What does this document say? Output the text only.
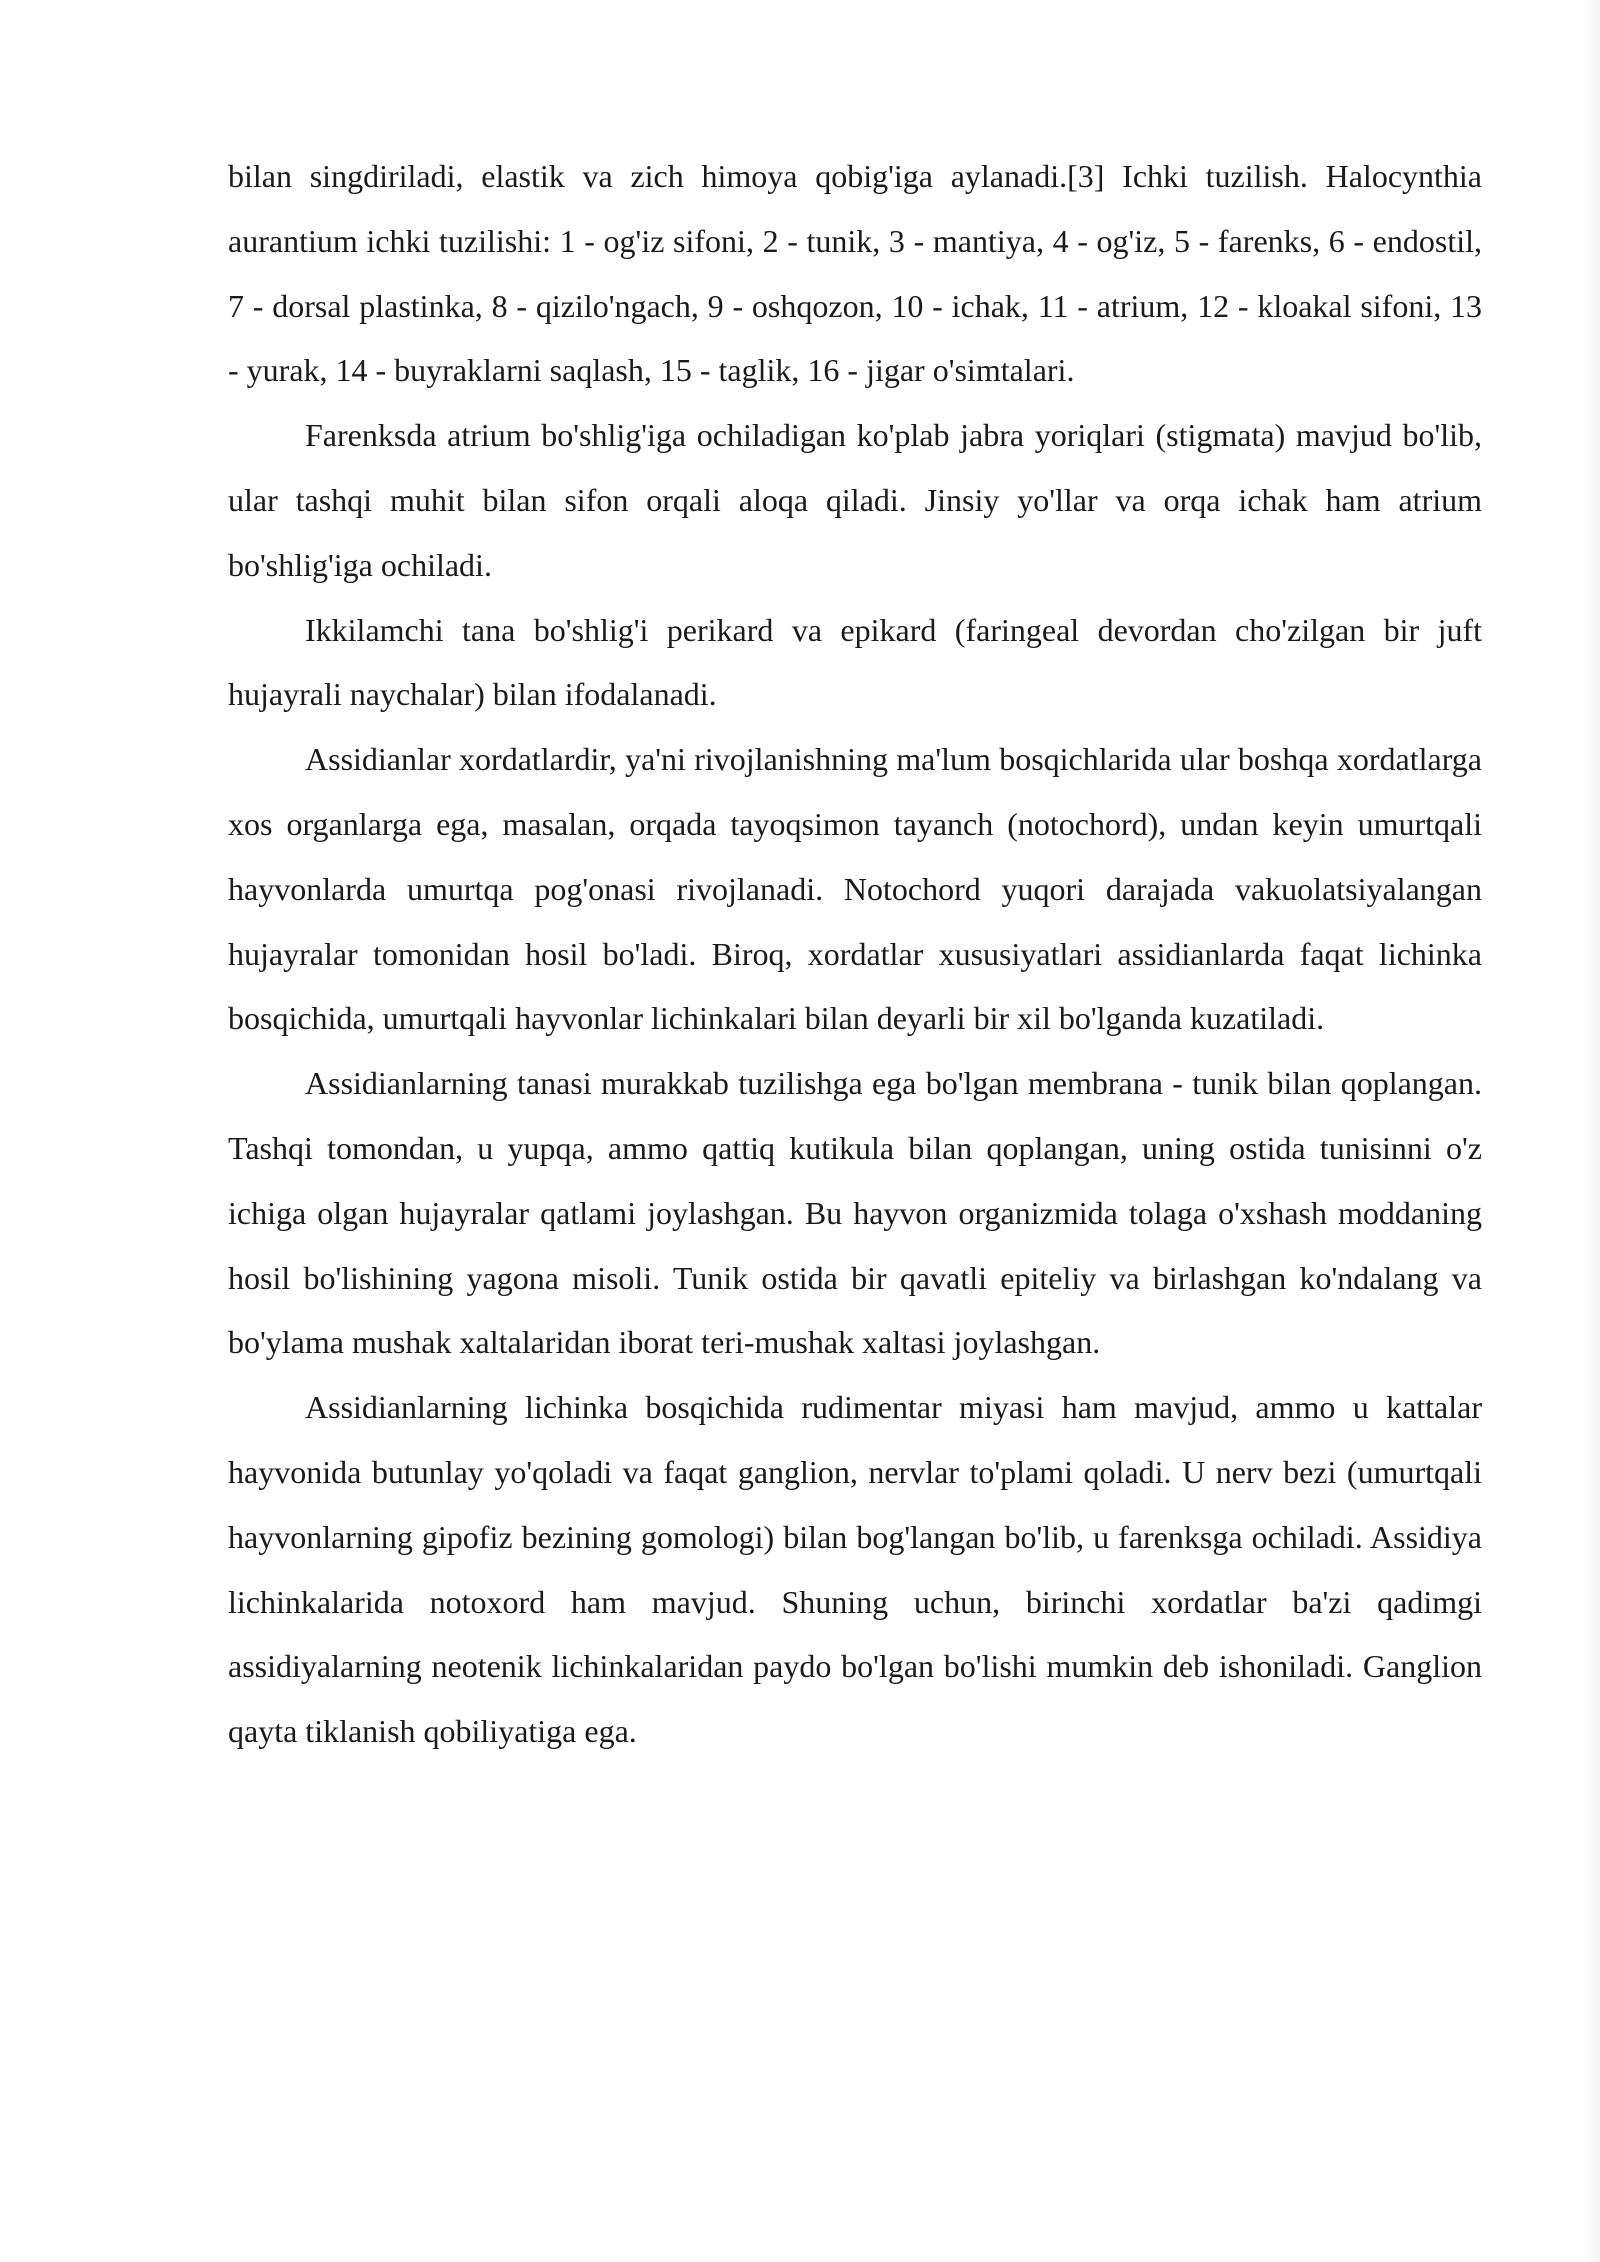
bilan singdiriladi, elastik va zich himoya qobig'iga aylanadi.[3] Ichki tuzilish. Halocynthia aurantium ichki tuzilishi: 1 - og'iz sifoni, 2 - tunik, 3 - mantiya, 4 - og'iz, 5 - farenks, 6 - endostil, 7 - dorsal plastinka, 8 - qizilo'ngach, 9 - oshqozon, 10 - ichak, 11 - atrium, 12 - kloakal sifoni, 13 - yurak, 14 - buyraklarni saqlash, 15 - taglik, 16 - jigar o'simtalari.

Farenksda atrium bo'shlig'iga ochiladigan ko'plab jabra yoriqlari (stigmata) mavjud bo'lib, ular tashqi muhit bilan sifon orqali aloqa qiladi. Jinsiy yo'llar va orqa ichak ham atrium bo'shlig'iga ochiladi.

Ikkilamchi tana bo'shlig'i perikard va epikard (faringeal devordan cho'zilgan bir juft hujayrali naychalar) bilan ifodalanadi.

Assidianlar xordatlardir, ya'ni rivojlanishning ma'lum bosqichlarida ular boshqa xordatlarga xos organlarga ega, masalan, orqada tayoqsimon tayanch (notochord), undan keyin umurtqali hayvonlarda umurtqa pog'onasi rivojlanadi. Notochord yuqori darajada vakuolatsiyalangan hujayralar tomonidan hosil bo'ladi. Biroq, xordatlar xususiyatlari assidianlarda faqat lichinka bosqichida, umurtqali hayvonlar lichinkalari bilan deyarli bir xil bo'lganda kuzatiladi.

Assidianlarning tanasi murakkab tuzilishga ega bo'lgan membrana - tunik bilan qoplangan. Tashqi tomondan, u yupqa, ammo qattiq kutikula bilan qoplangan, uning ostida tunisinni o'z ichiga olgan hujayralar qatlami joylashgan. Bu hayvon organizmida tolaga o'xshash moddaning hosil bo'lishining yagona misoli. Tunik ostida bir qavatli epiteliy va birlashgan ko'ndalang va bo'ylama mushak xaltalaridan iborat teri-mushak xaltasi joylashgan.

Assidianlarning lichinka bosqichida rudimentar miyasi ham mavjud, ammo u kattalar hayvonida butunlay yo'qoladi va faqat ganglion, nervlar to'plami qoladi. U nerv bezi (umurtqali hayvonlarning gipofiz bezining gomologi) bilan bog'langan bo'lib, u farenksga ochiladi. Assidiya lichinkalarida notoxord ham mavjud. Shuning uchun, birinchi xordatlar ba'zi qadimgi assidiyalarning neotenik lichinkalaridan paydo bo'lgan bo'lishi mumkin deb ishoniladi. Ganglion qayta tiklanish qobiliyatiga ega.
